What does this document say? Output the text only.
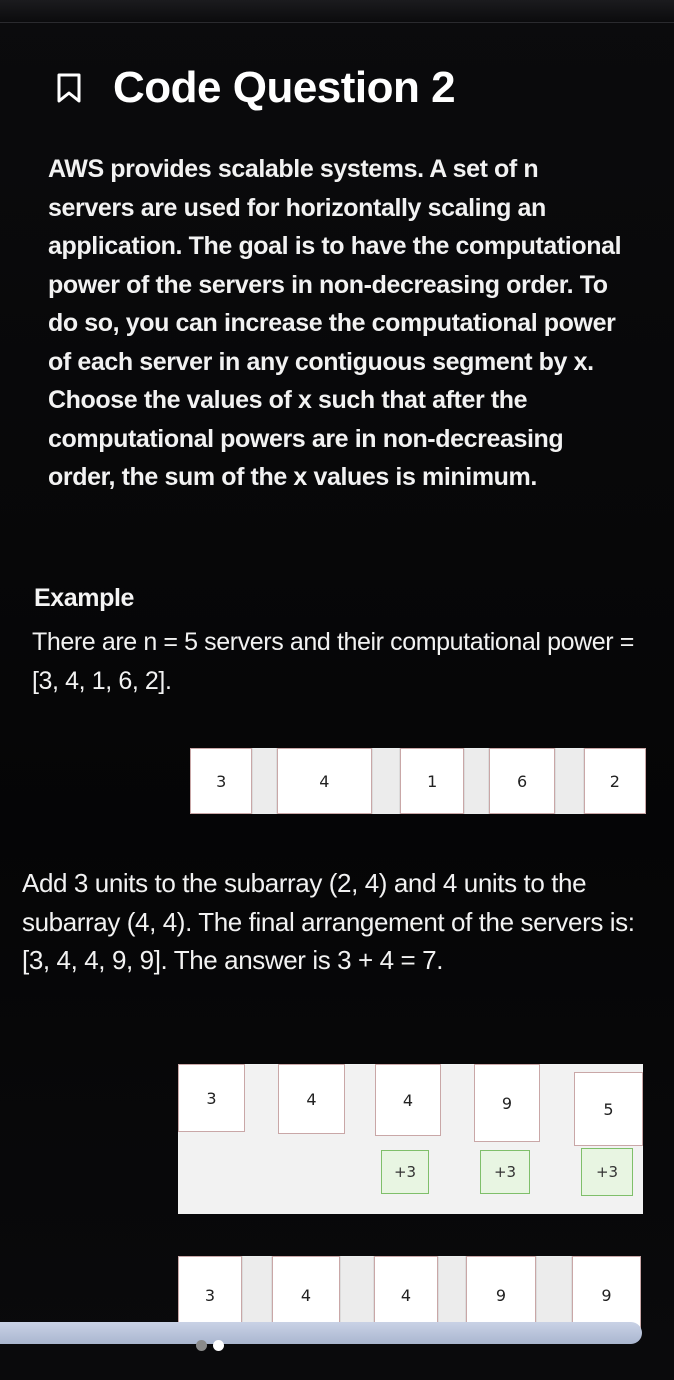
Code Question 2

AWS provides scalable systems. A set of n servers are used for horizontally scaling an application. The goal is to have the computational power of the servers in non-decreasing order. To do so, you can increase the computational power of each server in any contiguous segment by x. Choose the values of x such that after the computational powers are in non-decreasing order, the sum of the x values is minimum.

Example

There are n = 5 servers and their computational power = [3, 4, 1, 6, 2].

3	4	1	6	2

Add 3 units to the subarray (2, 4) and 4 units to the subarray (4, 4). The final arrangement of the servers is: [3, 4, 4, 9, 9]. The answer is 3 + 4 = 7.

3	4	4	9	5
+3	+3	+3
3	4	4	9	9
